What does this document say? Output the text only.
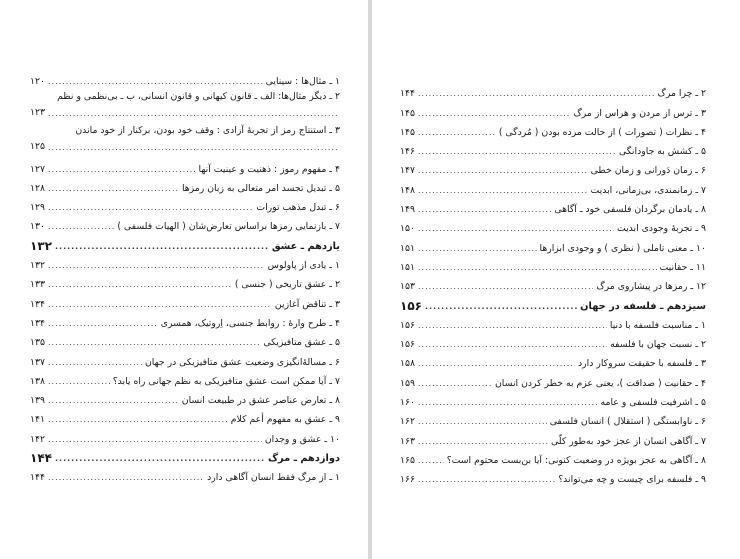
۱ ـ مثال‌ها : سینایی
.....
۱۲۰
۲ ـ دیگر مثال‌ها: الف ـ قانون کیهانی و قانون انسانی، ب ـ بی‌نظمی و نظم
.....
۱۲۳
۳ ـ استنتاج رمز از تجربهٔ آزادی : وقف خود بودن، برکنار از خود ماندن
.....
۱۲۵
۴ ـ مفهوم رموز : ذهنیت و عینیت آنها
.....
۱۲۷
۵ ـ تبدیل تجسد امر متعالی به زبان رمزها
.....
۱۲۸
۶ ـ تبدل مذهب تورات
.....
۱۲۹
۷ ـ بازنمایی رمزها براساس تعارض‌شان ( الهیات فلسفی )
.....
۱۳۰
یازدهم ـ عشق
.....
۱۳۲
۱ ـ یادی از پاولوس
.....
۱۳۲
۲ ـ عشق تاریخی ( جنسی )
.....
۱۳۳
۳ ـ تناقض آغازین
.....
۱۳۴
۴ ـ طرح وارهٔ : روابط جنسی، اِروتیک، همسری
.....
۱۳۴
۵ ـ عشق متافیزیکی
.....
۱۳۵
۶ ـ مسالهٔ‌انگیزی وضعیت عشق متافیزیکی در جهان
.....
۱۳۷
۷ ـ آیا ممکن است عشق متافیزیکی به نظم جهانی راه یابد؟
.....
۱۳۸
۸ ـ تعارض عناصر عشق در طبیعت انسان
.....
۱۳۹
۹ ـ عشق به مفهوم أعم کلام
.....
۱۴۱
۱۰ ـ عشق و وجدان
.....
۱۴۲
دوازدهم ـ مرگ
.....
۱۴۴
۱ ـ از مرگ فقط انسان آگاهی دارد
.....
۱۴۴
۲ ـ چرا مرگ
.....
۱۴۴
۳ ـ ترس از مردن و هراس از مرگ
.....
۱۴۵
۴ ـ نظرات ( تصورات ) از حالت مرده بودن ( مُردگی )
.....
۱۴۵
۵ ـ کشش به جاودانگی
.....
۱۴۶
۶ ـ زمان دَورانی و زمان خطی
.....
۱۴۷
۷ ـ زمانمندی، بی‌زمانی، ابدیت
.....
۱۴۸
۸ ـ یادمان برگردان فلسفی خود ـ آگاهی
.....
۱۴۹
۹ ـ تجربهٔ وجودی ابدیت
.....
۱۵۰
۱۰ ـ معنی تاملی ( نظری ) و وجودی ابزارها
.....
۱۵۱
۱۱ ـ حقانیت
.....
۱۵۱
۱۲ ـ رمزها در پیشاروی مرگ
.....
۱۵۳
سیزدهم ـ فلسفه در جهان
.....
۱۵۶
۱ ـ مناسبت فلسفه با دنیا
.....
۱۵۶
۲ ـ نسبت جهان با فلسفه
.....
۱۵۶
۳ ـ فلسفه با حقیقت سروکار دارد
.....
۱۵۸
۴ ـ حقانیت ( صداقت )، یعنی عزم به خطر کردن انسان
.....
۱۵۹
۵ ـ اشرفیت فلسفی و عامه
.....
۱۶۰
۶ ـ ناوابستگی ( استقلال ) انسان فلسفی
.....
۱۶۲
۷ ـ آگاهی انسان از عجز خود به‌طور کلّی
.....
۱۶۳
۸ ـ آگاهی به عجز بویژه در وضعیت کنونی: آیا بن‌بست محتوم است؟
.....
۱۶۵
۹ ـ فلسفه برای چیست و چه می‌تواند؟
.....
۱۶۶
